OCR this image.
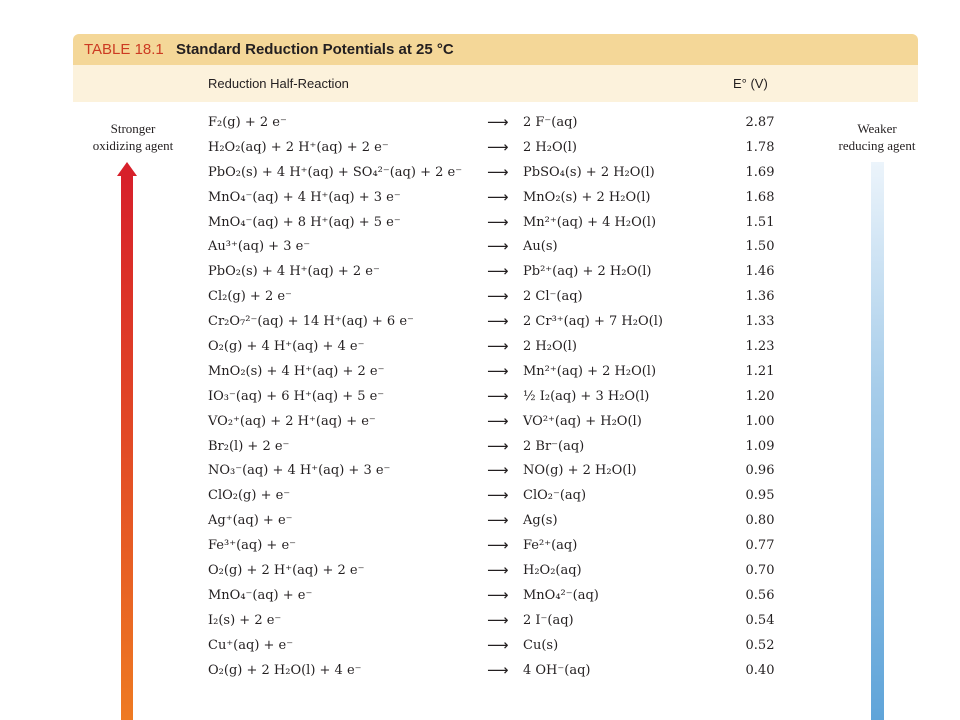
TABLE 18.1 Standard Reduction Potentials at 25 °C
Reduction Half-Reaction	E° (V)
Stronger
oxidizing agent
Weaker
reducing agent
F₂(g) + 2 e⁻	⟶ 2 F⁻(aq)	2.87
H₂O₂(aq) + 2 H⁺(aq) + 2 e⁻	⟶ 2 H₂O(l)	1.78
PbO₂(s) + 4 H⁺(aq) + SO₄²⁻(aq) + 2 e⁻ ⟶ PbSO₄(s) + 2 H₂O(l)	1.69
MnO₄⁻(aq) + 4 H⁺(aq) + 3 e⁻	⟶ MnO₂(s) + 2 H₂O(l)	1.68
MnO₄⁻(aq) + 8 H⁺(aq) + 5 e⁻	⟶ Mn²⁺(aq) + 4 H₂O(l)	1.51
Au³⁺(aq) + 3 e⁻	⟶ Au(s)	1.50
PbO₂(s) + 4 H⁺(aq) + 2 e⁻	⟶ Pb²⁺(aq) + 2 H₂O(l)	1.46
Cl₂(g) + 2 e⁻	⟶ 2 Cl⁻(aq)	1.36
Cr₂O₇²⁻(aq) + 14 H⁺(aq) + 6 e⁻	⟶ 2 Cr³⁺(aq) + 7 H₂O(l)	1.33
O₂(g) + 4 H⁺(aq) + 4 e⁻	⟶ 2 H₂O(l)	1.23
MnO₂(s) + 4 H⁺(aq) + 2 e⁻	⟶ Mn²⁺(aq) + 2 H₂O(l)	1.21
IO₃⁻(aq) + 6 H⁺(aq) + 5 e⁻	⟶ ½ I₂(aq) + 3 H₂O(l)	1.20
VO₂⁺(aq) + 2 H⁺(aq) + e⁻	⟶ VO²⁺(aq) + H₂O(l)	1.00
Br₂(l) + 2 e⁻	⟶ 2 Br⁻(aq)	1.09
NO₃⁻(aq) + 4 H⁺(aq) + 3 e⁻	⟶ NO(g) + 2 H₂O(l)	0.96
ClO₂(g) + e⁻	⟶ ClO₂⁻(aq)	0.95
Ag⁺(aq) + e⁻	⟶ Ag(s)	0.80
Fe³⁺(aq) + e⁻	⟶ Fe²⁺(aq)	0.77
O₂(g) + 2 H⁺(aq) + 2 e⁻	⟶ H₂O₂(aq)	0.70
MnO₄⁻(aq) + e⁻	⟶ MnO₄²⁻(aq)	0.56
I₂(s) + 2 e⁻	⟶ 2 I⁻(aq)	0.54
Cu⁺(aq) + e⁻	⟶ Cu(s)	0.52
O₂(g) + 2 H₂O(l) + 4 e⁻	⟶ 4 OH⁻(aq)	0.40
